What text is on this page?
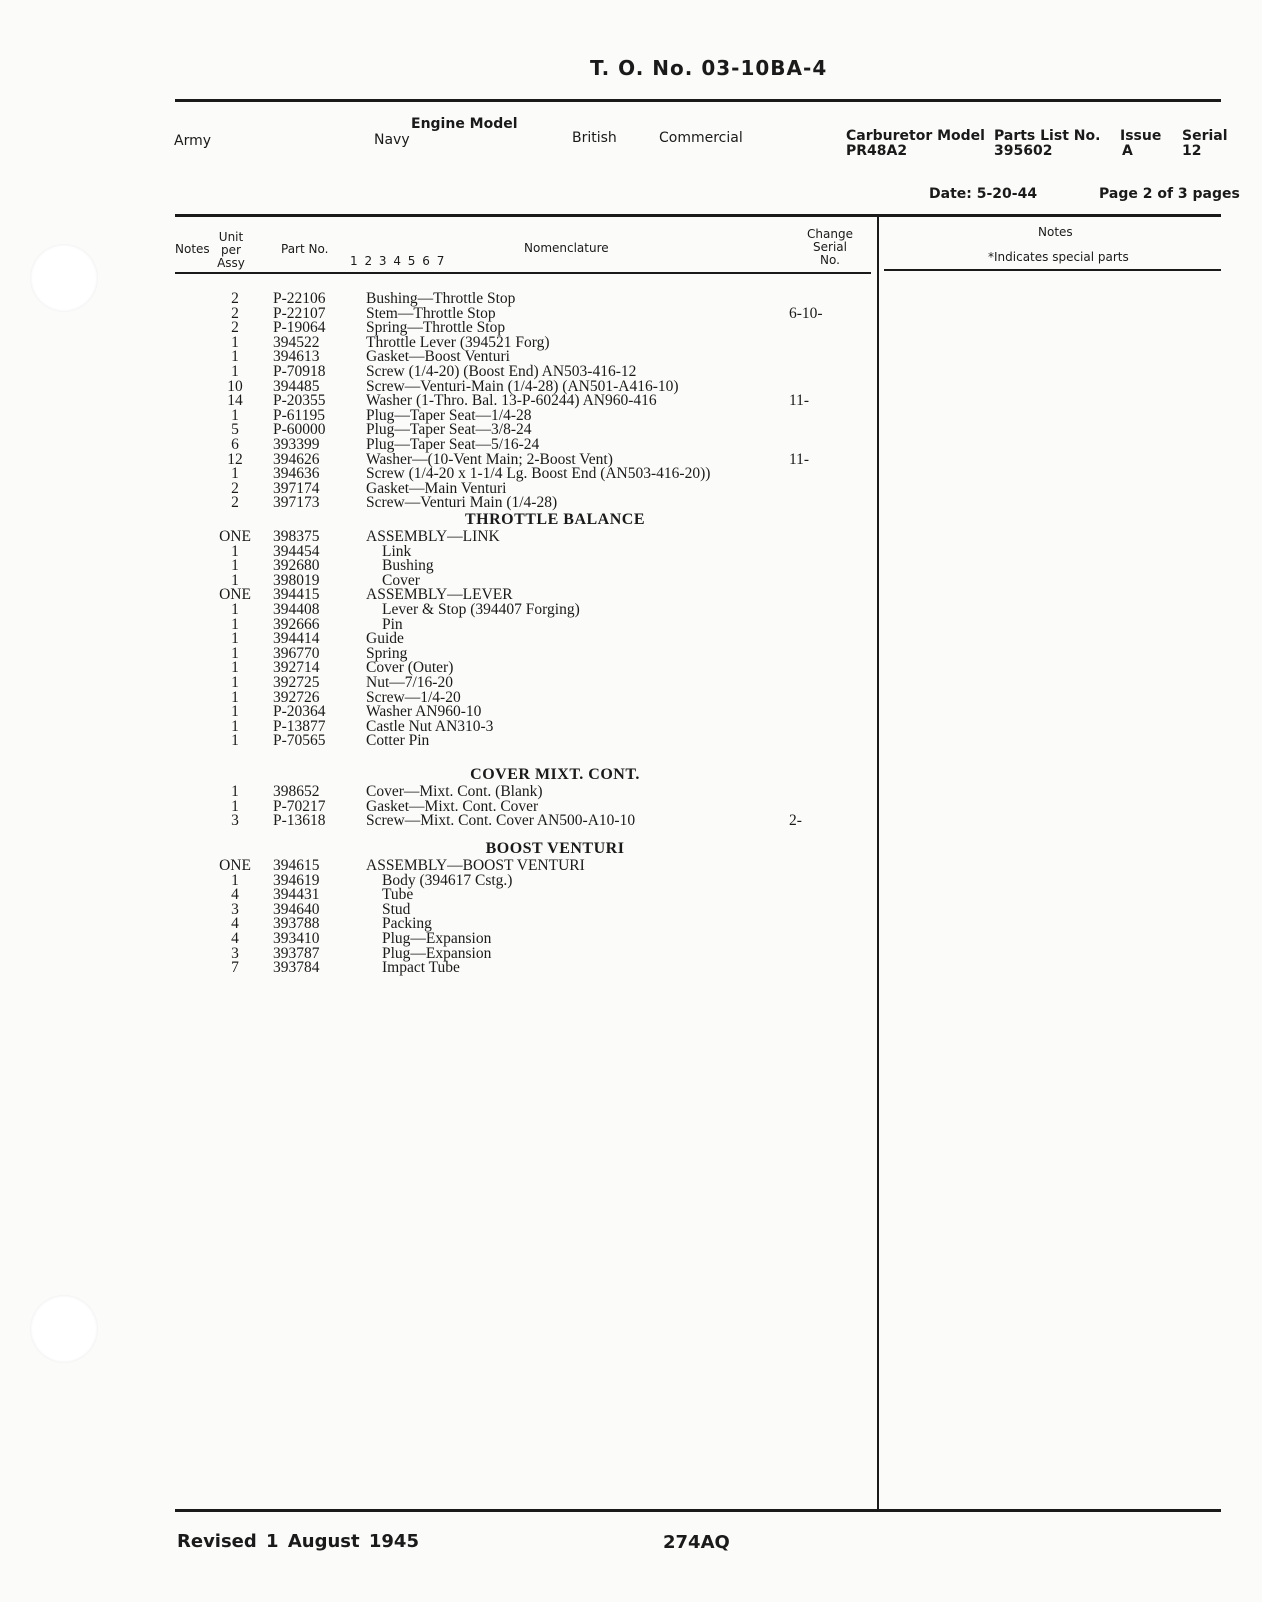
T. O. No. 03-10BA-4
Engine Model
Army	Navy	British	Commercial	Carburetor Model
PR48A2
Parts List No.
395602
Issue
A
Serial
12
Date: 5-20-44	Page 2 of 3 pages
Notes
Unit
per
Assy
Part No.
1 2 3 4 5 6 7
Nomenclature
Change
Serial
No.
Notes
*Indicates special parts
2	P-22106	Bushing—Throttle Stop
2	P-22107	Stem—Throttle Stop	6-10-
2	P-19064	Spring—Throttle Stop
1	394522	Throttle Lever (394521 Forg)
1	394613	Gasket—Boost Venturi
1	P-70918	Screw (1/4-20) (Boost End) AN503-416-12
10	394485	Screw—Venturi-Main (1/4-28) (AN501-A416-10)
14	P-20355	Washer (1-Thro. Bal. 13-P-60244) AN960-416	11-
1	P-61195	Plug—Taper Seat—1/4-28
5	P-60000	Plug—Taper Seat—3/8-24
6	393399	Plug—Taper Seat—5/16-24
12	394626	Washer—(10-Vent Main; 2-Boost Vent)	11-
1	394636	Screw (1/4-20 x 1-1/4 Lg. Boost End (AN503-416-20))
2	397174	Gasket—Main Venturi
2	397173	Screw—Venturi Main (1/4-28)
THROTTLE BALANCE
ONE 398375	ASSEMBLY—LINK
1	394454	Link
1	392680	Bushing
1	398019	Cover
ONE 394415	ASSEMBLY—LEVER
1	394408	Lever & Stop (394407 Forging)
1	392666	Pin
1	394414	Guide
1	396770	Spring
1	392714	Cover (Outer)
1	392725	Nut—7/16-20
1	392726	Screw—1/4-20
1	P-20364	Washer AN960-10
1	P-13877	Castle Nut AN310-3
1	P-70565	Cotter Pin
COVER MIXT. CONT.
1	398652	Cover—Mixt. Cont. (Blank)
1	P-70217	Gasket—Mixt. Cont. Cover
3	P-13618	Screw—Mixt. Cont. Cover AN500-A10-10	2-
BOOST VENTURI
ONE 394615	ASSEMBLY—BOOST VENTURI
1	394619	Body (394617 Cstg.)
4	394431	Tube
3	394640	Stud
4	393788	Packing
4	393410	Plug—Expansion
3	393787	Plug—Expansion
7	393784	Impact Tube
Revised 1 August 1945	274AQ
